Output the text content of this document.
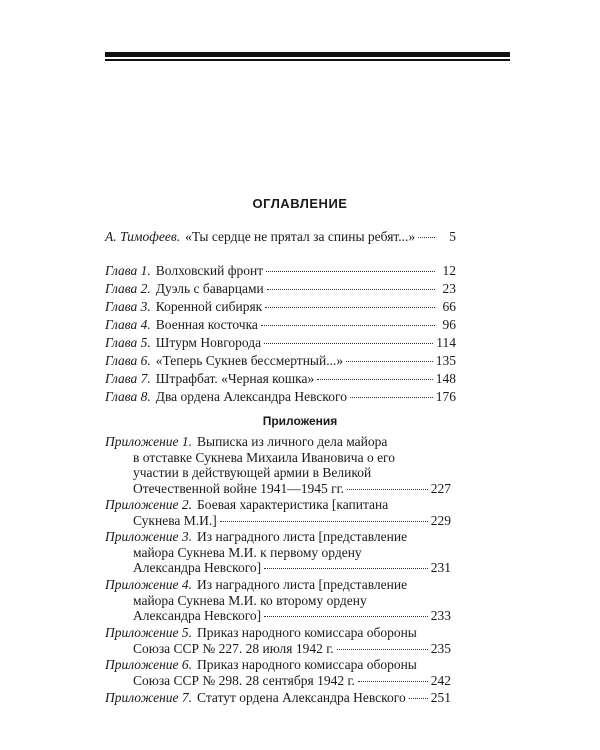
ОГЛАВЛЕНИЕ
А. Тимофеев. «Ты сердце не прятал за спины ребят...»	5
Глава 1. Волховский фронт	12
Глава 2. Дуэль с баварцами	23
Глава 3. Коренной сибиряк	66
Глава 4. Военная косточка	96
Глава 5. Штурм Новгорода	114
Глава 6. «Теперь Сукнев бессмертный...»	135
Глава 7. Штрафбат. «Черная кошка»	148
Глава 8. Два ордена Александра Невского	176
Приложения
Приложение 1. Выписка из личного дела майора
в отставке Сукнева Михаила Ивановича о его
участии в действующей армии в Великой
Отечественной войне 1941—1945 гг.	227
Приложение 2. Боевая характеристика [капитана
Сукнева М.И.]	229
Приложение 3. Из наградного листа [представление
майора Сукнева М.И. к первому ордену
Александра Невского]	231
Приложение 4. Из наградного листа [представление
майора Сукнева М.И. ко второму ордену
Александра Невского]	233
Приложение 5. Приказ народного комиссара обороны
Союза ССР № 227. 28 июля 1942 г.	235
Приложение 6. Приказ народного комиссара обороны
Союза ССР № 298. 28 сентября 1942 г.	242
Приложение 7. Статут ордена Александра Невского 251
